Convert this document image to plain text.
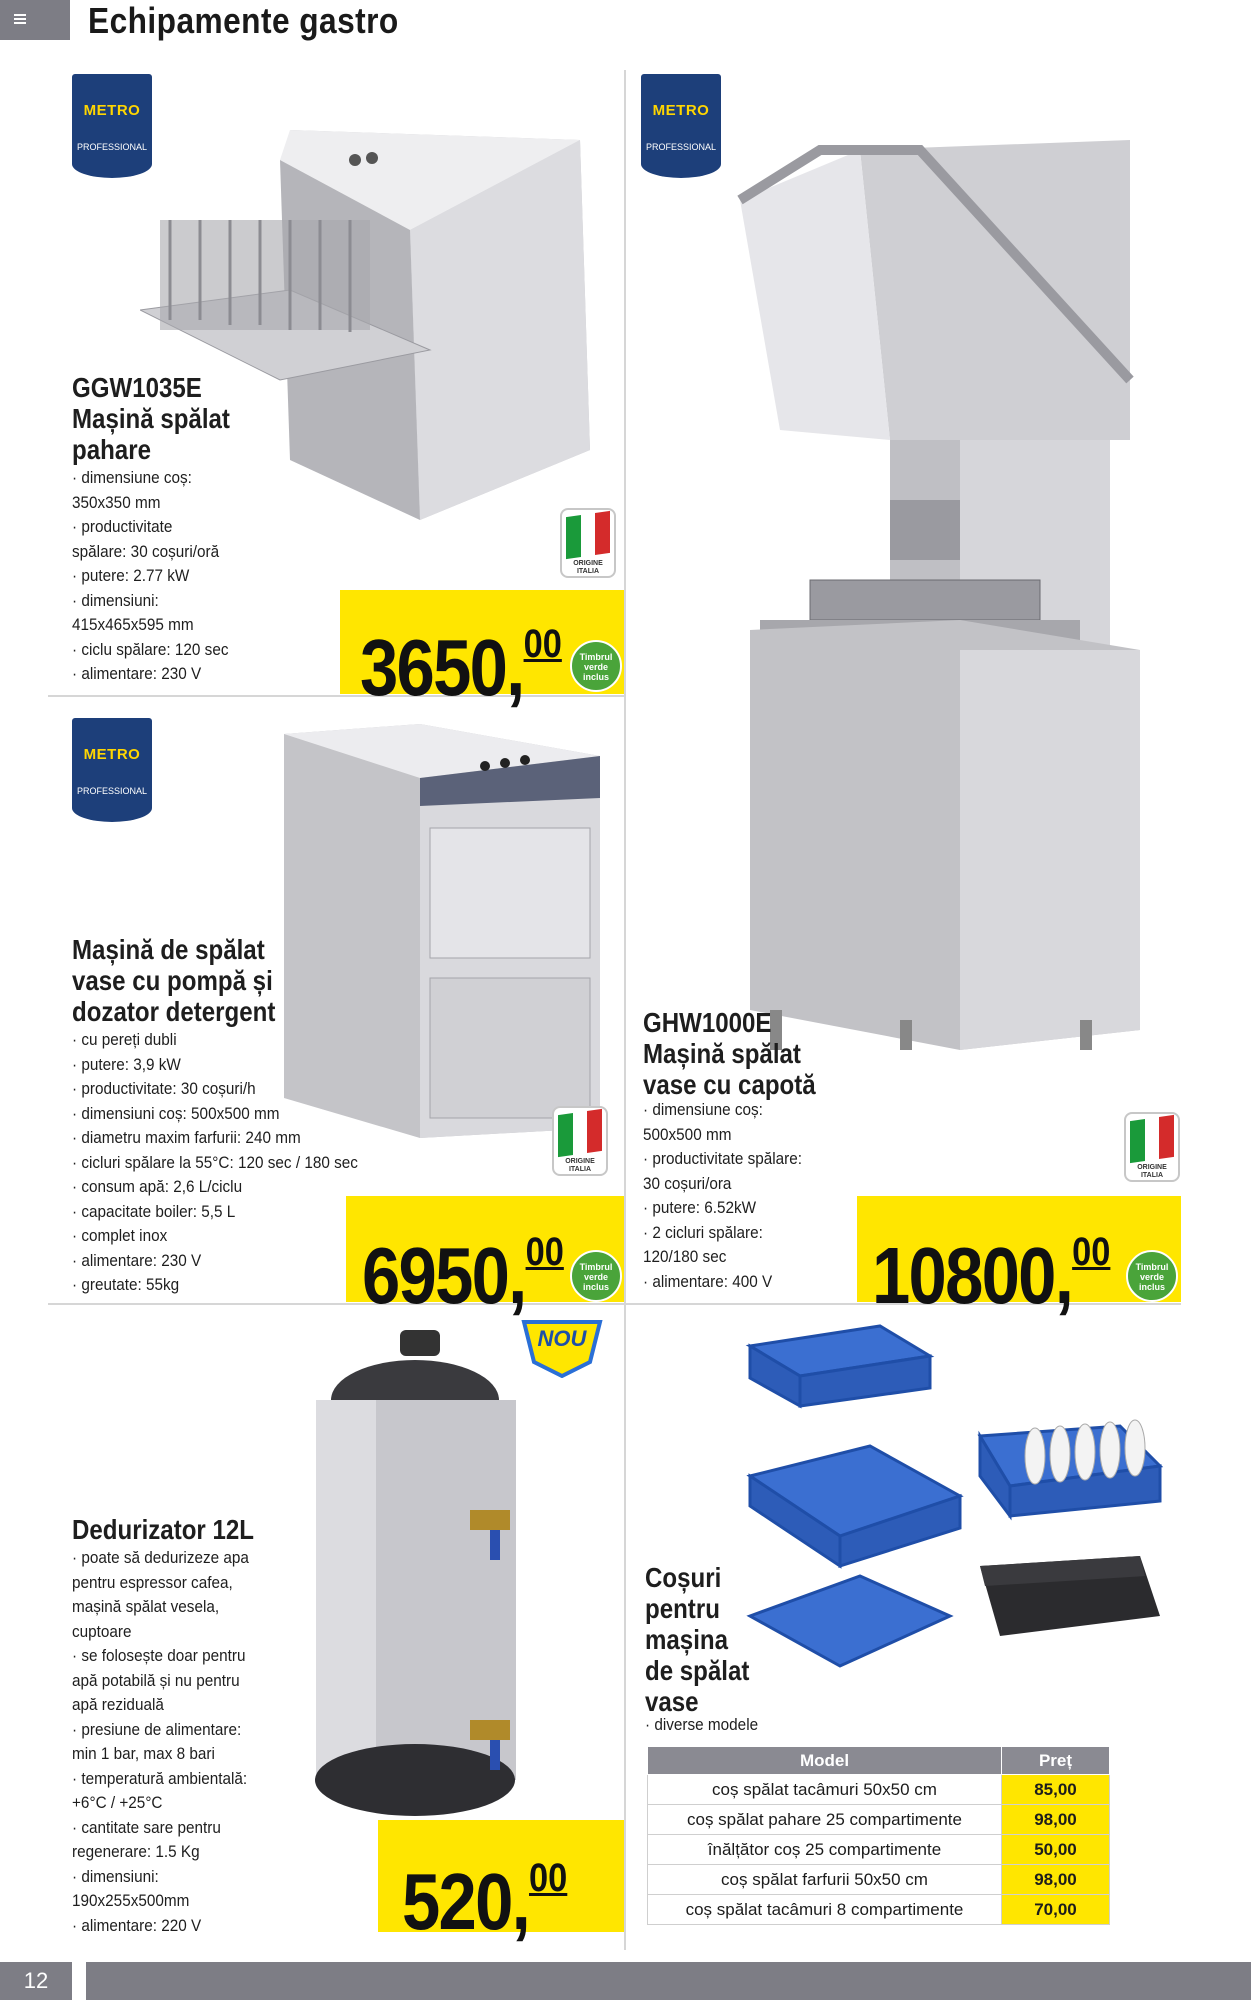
Echipamente gastro
METRO
PROFESSIONAL
GGW1035E
Mașină spălat
pahare
· dimensiune coș:
350x350 mm
· productivitate
spălare: 30 coșuri/oră
· putere: 2.77 kW
· dimensiuni:
415x465x595 mm
· ciclu spălare: 120 sec
· alimentare: 230 V
ORIGINE
ITALIA
3650,00	Timbrul
verde
inclus
METRO
PROFESSIONAL
Mașină de spălat
vase cu pompă și
dozator detergent
· cu pereți dubli
· putere: 3,9 kW
· productivitate: 30 coșuri/h
· dimensiuni coș: 500x500 mm
· diametru maxim farfurii: 240 mm
· cicluri spălare la 55°C: 120 sec / 180 sec
· consum apă: 2,6 L/ciclu
· capacitate boiler: 5,5 L
· complet inox
· alimentare: 230 V
· greutate: 55kg
ORIGINE
ITALIA
6950,00	Timbrul
verde
inclus
METRO
PROFESSIONAL
GHW1000E
Mașină spălat
vase cu capotă
· dimensiune coș:
500x500 mm
· productivitate spălare:
30 coșuri/ora
· putere: 6.52kW
· 2 cicluri spălare:
120/180 sec
· alimentare: 400 V
ORIGINE
ITALIA
10800,00	Timbrul
verde
inclus
NOU
Dedurizator 12L
· poate să dedurizeze apa
pentru espressor cafea,
mașină spălat vesela,
cuptoare
· se folosește doar pentru
apă potabilă și nu pentru
apă reziduală
· presiune de alimentare:
min 1 bar, max 8 bari
· temperatură ambientală:
+6°C / +25°C
· cantitate sare pentru
regenerare: 1.5 Kg
· dimensiuni:
190x255x500mm
· alimentare: 220 V	520,00
Coșuri
pentru
mașina
de spălat
vase
· diverse modele
Model	Preț
coș spălat tacâmuri 50x50 cm	85,00
coș spălat pahare 25 compartimente	98,00
înălțător coș 25 compartimente	50,00
coș spălat farfurii 50x50 cm	98,00
coș spălat tacâmuri 8 compartimente	70,00
12
